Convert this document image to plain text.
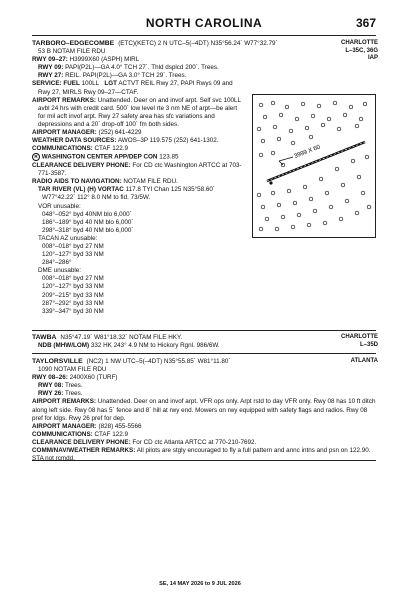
NORTH CAROLINA	367
CHARLOTTE
L–35C, 36G
IAP
TARBORO–EDGECOMBE (ETC)(KETC) 2 N UTC–5(–4DT) N35°56.24´ W77°32.79´
53 B NOTAM FILE RDU
RWY 09–27: H3999X60 (ASPH) MIRL
RWY 09: PAPI(P2L)—GA 4.0° TCH 27´. Thld dsplcd 200´. Trees.
RWY 27: REIL. PAPI(P2L)—GA 3.0° TCH 29´. Trees.
SERVICE: FUEL 100LL LGT ACTVT REIL Rwy 27, PAPI Rwys 09 and Rwy 27, MIRLS Rwy 09–27—CTAF.
AIRPORT REMARKS: Unattended. Deer on and invof arpt. Self svc 100LL avbl 24 hrs with credit card. 500´ low level rte 3 nm NE of arpt—be alert for mil acft invof arpt. Rwy 27 safety area has sfc variations and depressions and a 20´ drop-off 100´ fm both sides.
AIRPORT MANAGER: (252) 641-4229
WEATHER DATA SOURCES: AWOS–3P 119.575 (252) 641-1302.
COMMUNICATIONS: CTAF 122.9
R WASHINGTON CENTER APP/DEP CON 123.85
CLEARANCE DELIVERY PHONE: For CD ctc Washington ARTCC at 703-771-3587.
RADIO AIDS TO NAVIGATION: NOTAM FILE RDU.
TAR RIVER (VL) (H) VORTAC 117.8 TYI Chan 125 N35°58.60´
W77°42.22´ 112° 8.0 NM to fld. 73/5W.
VOR unusable:
048°–052° byd 40NM blo 6,000´
186°–189° byd 40 NM blo 6,000´
298°–318° byd 40 NM blo 6,000´
TACAN AZ unusable:
008°–018° byd 27 NM
120°–127° byd 33 NM
284°–286°
DME unusable:
008°–018° byd 27 NM
120°–127° byd 33 NM
209°–215° byd 33 NM
287°–292° byd 33 NM
339°–347° byd 30 NM
3999 X 60
CHARLOTTE
L–35D
TAWBA N35°47.19´ W81°18.32´ NOTAM FILE HKY.
NDB (MHW/LOM) 332 HK 243° 4.9 NM to Hickory Rgnl. 986/6W.
ATLANTA
TAYLORSVILLE (NC2) 1 NW UTC–5(–4DT) N35°55.85´ W81°11.80´
1090 NOTAM FILE RDU
RWY 08–26: 2400X60 (TURF)
RWY 08: Trees.
RWY 26: Trees.
AIRPORT REMARKS: Unattended. Deer on and invof arpt. VFR ops only. Arpt rstd to day VFR only. Rwy 08 has 10 ft ditch along left side. Rwy 08 has 5´ fence and 8´ hill at rwy end. Mowers on rwy equipped with safety flags and radios. Rwy 08 pref for ldgs. Rwy 26 pref for dep.
AIRPORT MANAGER: (828) 455-5566
COMMUNICATIONS: CTAF 122.9
CLEARANCE DELIVERY PHONE: For CD ctc Atlanta ARTCC at 770-210-7692.
COMM/NAV/WEATHER REMARKS: All pilots are stgly encouraged to fly a full pattern and annc intns and psn on 122.90. STA not rcmdd.
SE, 14 MAY 2026 to 9 JUL 2026
